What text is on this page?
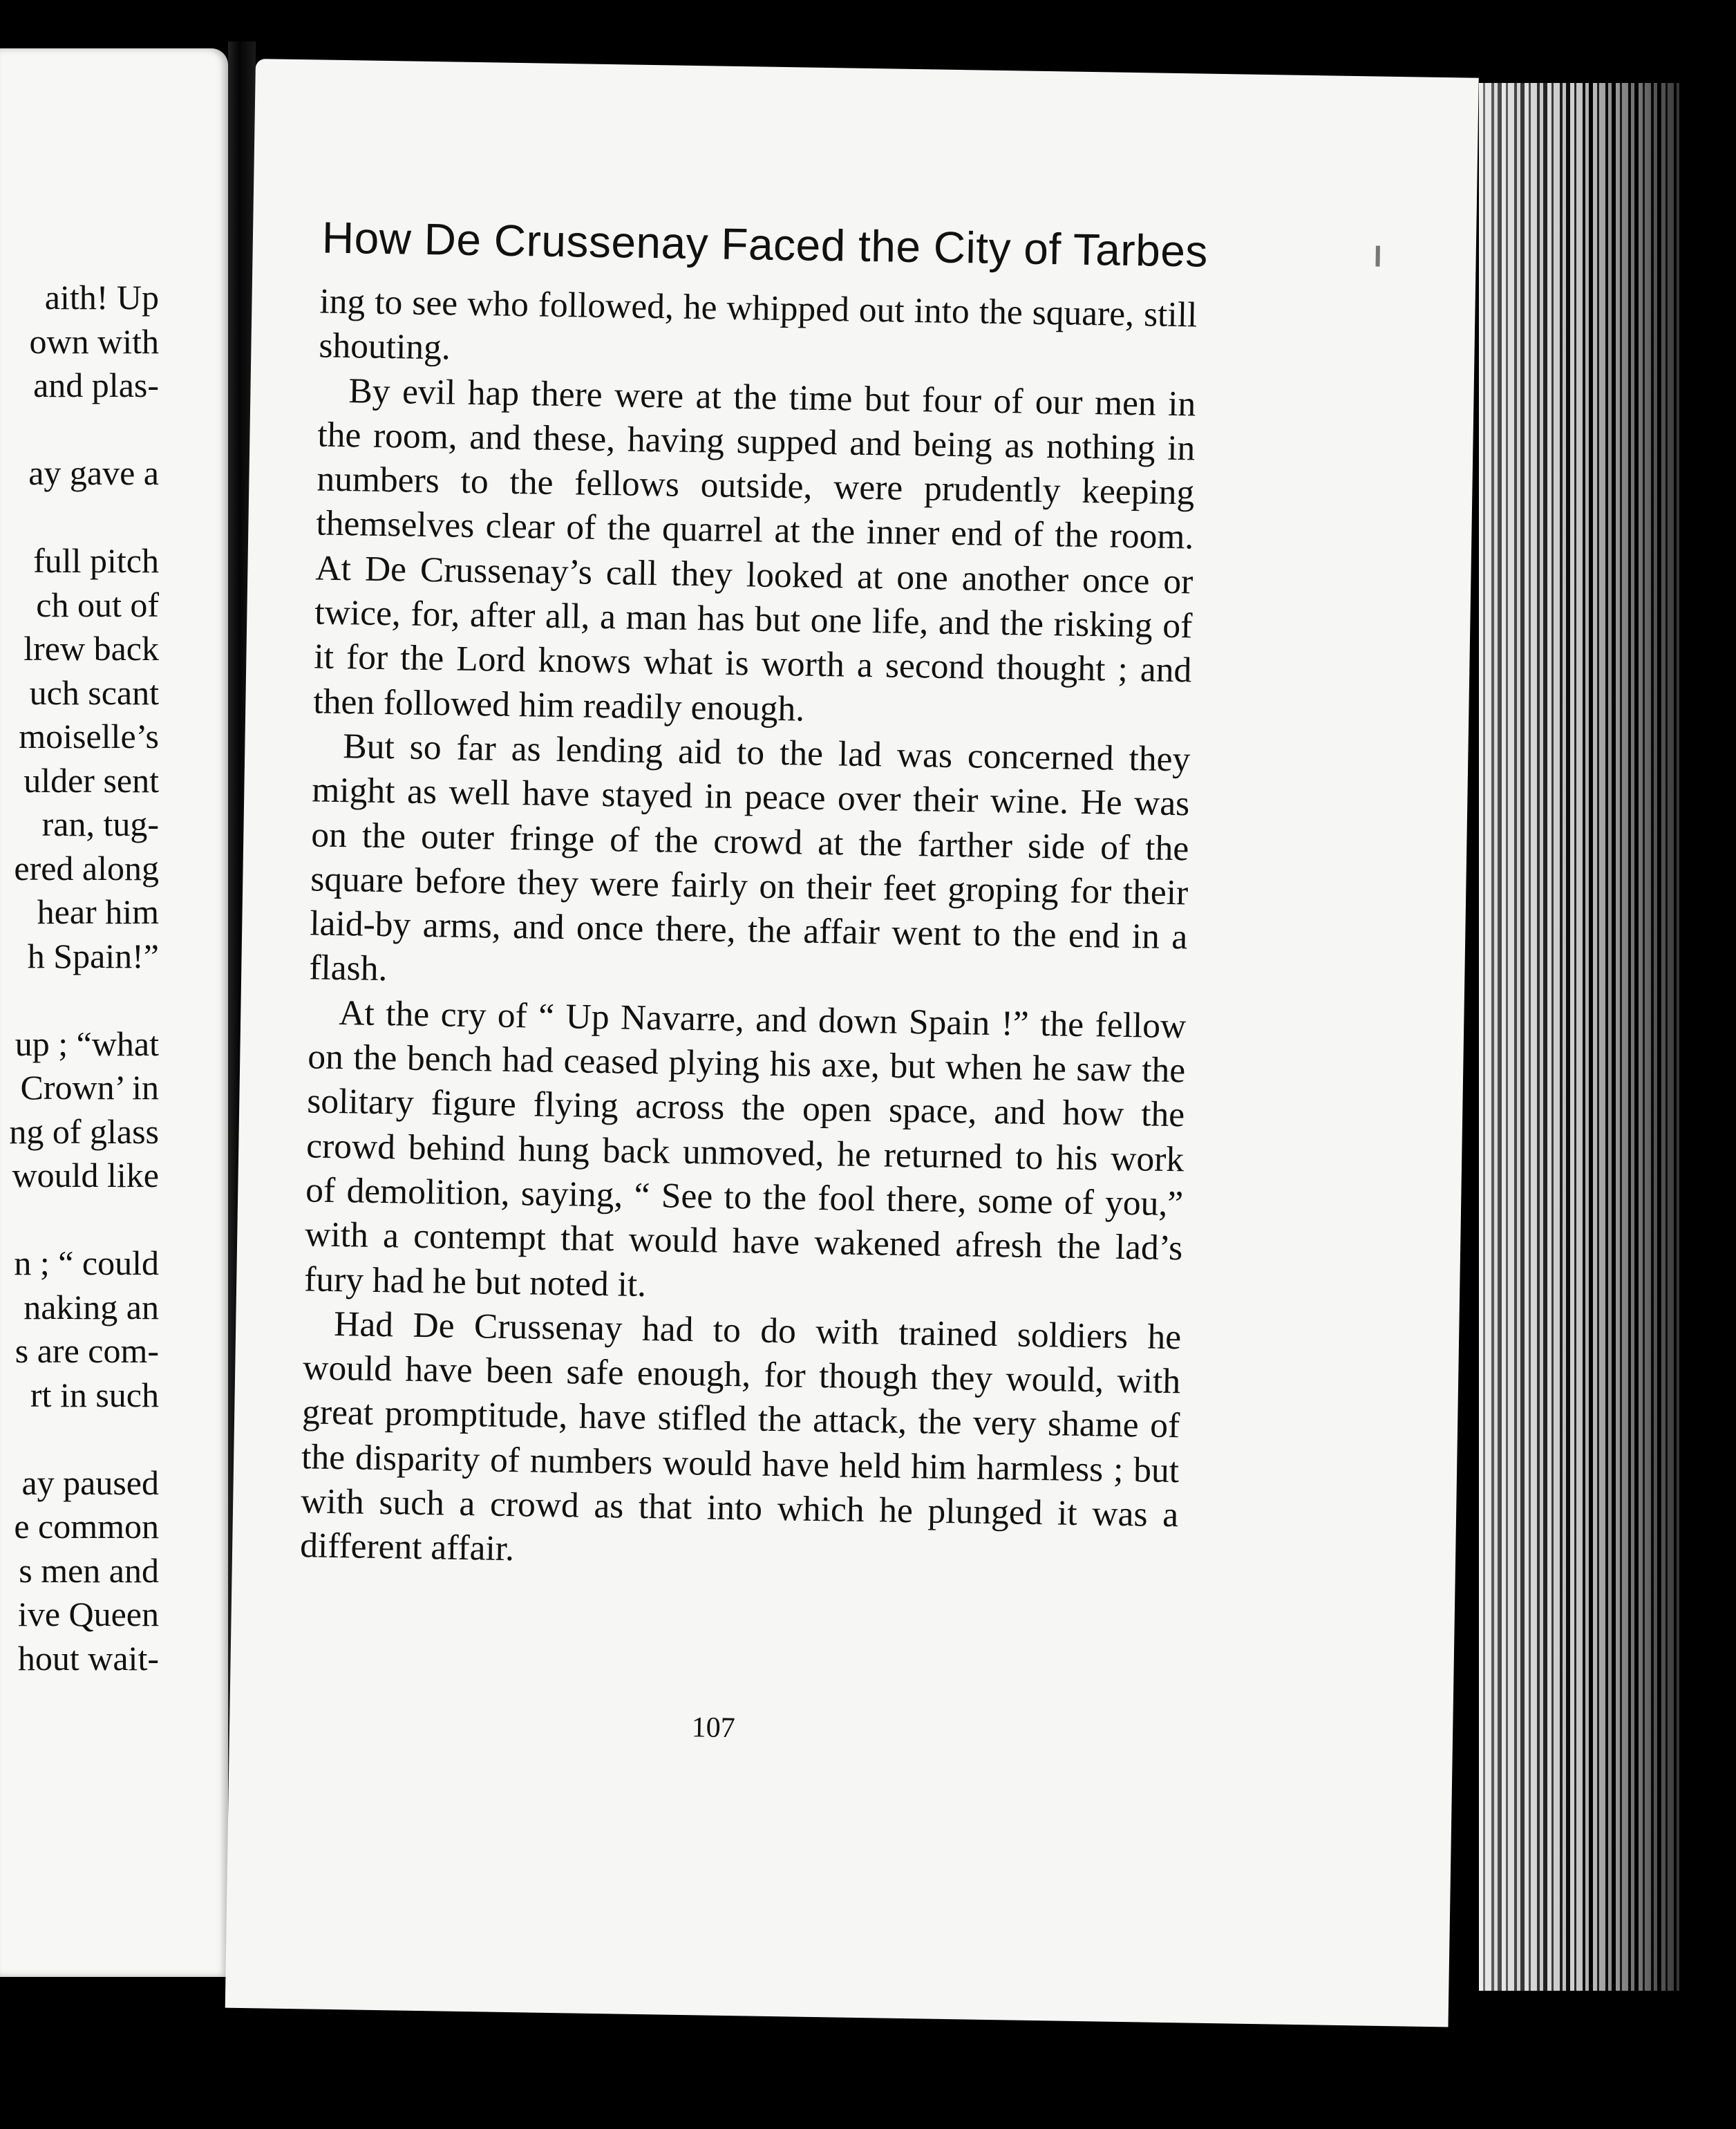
aith! Up
own with
and plas-
ay gave a
full pitch
ch out of
lrew back
uch scant
moiselle’s
ulder sent
ran, tug-
ered along
hear him
h Spain!”
up ; “what
Crown’ in
ng of glass
would like
n ; “ could
naking an
s are com-
rt in such
ay paused
e common
s men and
ive Queen
hout wait-
How De Crussenay Faced the City of Tarbes

ing to see who followed, he whipped out into the square, still shouting.

By evil hap there were at the time but four of our men in the room, and these, having supped and being as nothing in numbers to the fellows outside, were prudently keeping themselves clear of the quarrel at the inner end of the room. At De Crussenay’s call they looked at one another once or twice, for, after all, a man has but one life, and the risking of it for the Lord knows what is worth a second thought ; and then followed him readily enough.

But so far as lending aid to the lad was concerned they might as well have stayed in peace over their wine. He was on the outer fringe of the crowd at the farther side of the square before they were fairly on their feet groping for their laid-by arms, and once there, the affair went to the end in a flash.

At the cry of “ Up Navarre, and down Spain !” the fellow on the bench had ceased plying his axe, but when he saw the solitary figure flying across the open space, and how the crowd behind hung back unmoved, he returned to his work of demolition, saying, “ See to the fool there, some of you,” with a contempt that would have wakened afresh the lad’s fury had he but noted it.

Had De Crussenay had to do with trained soldiers he would have been safe enough, for though they would, with great promptitude, have stifled the attack, the very shame of the disparity of numbers would have held him harmless ; but with such a crowd as that into which he plunged it was a different affair.

107
